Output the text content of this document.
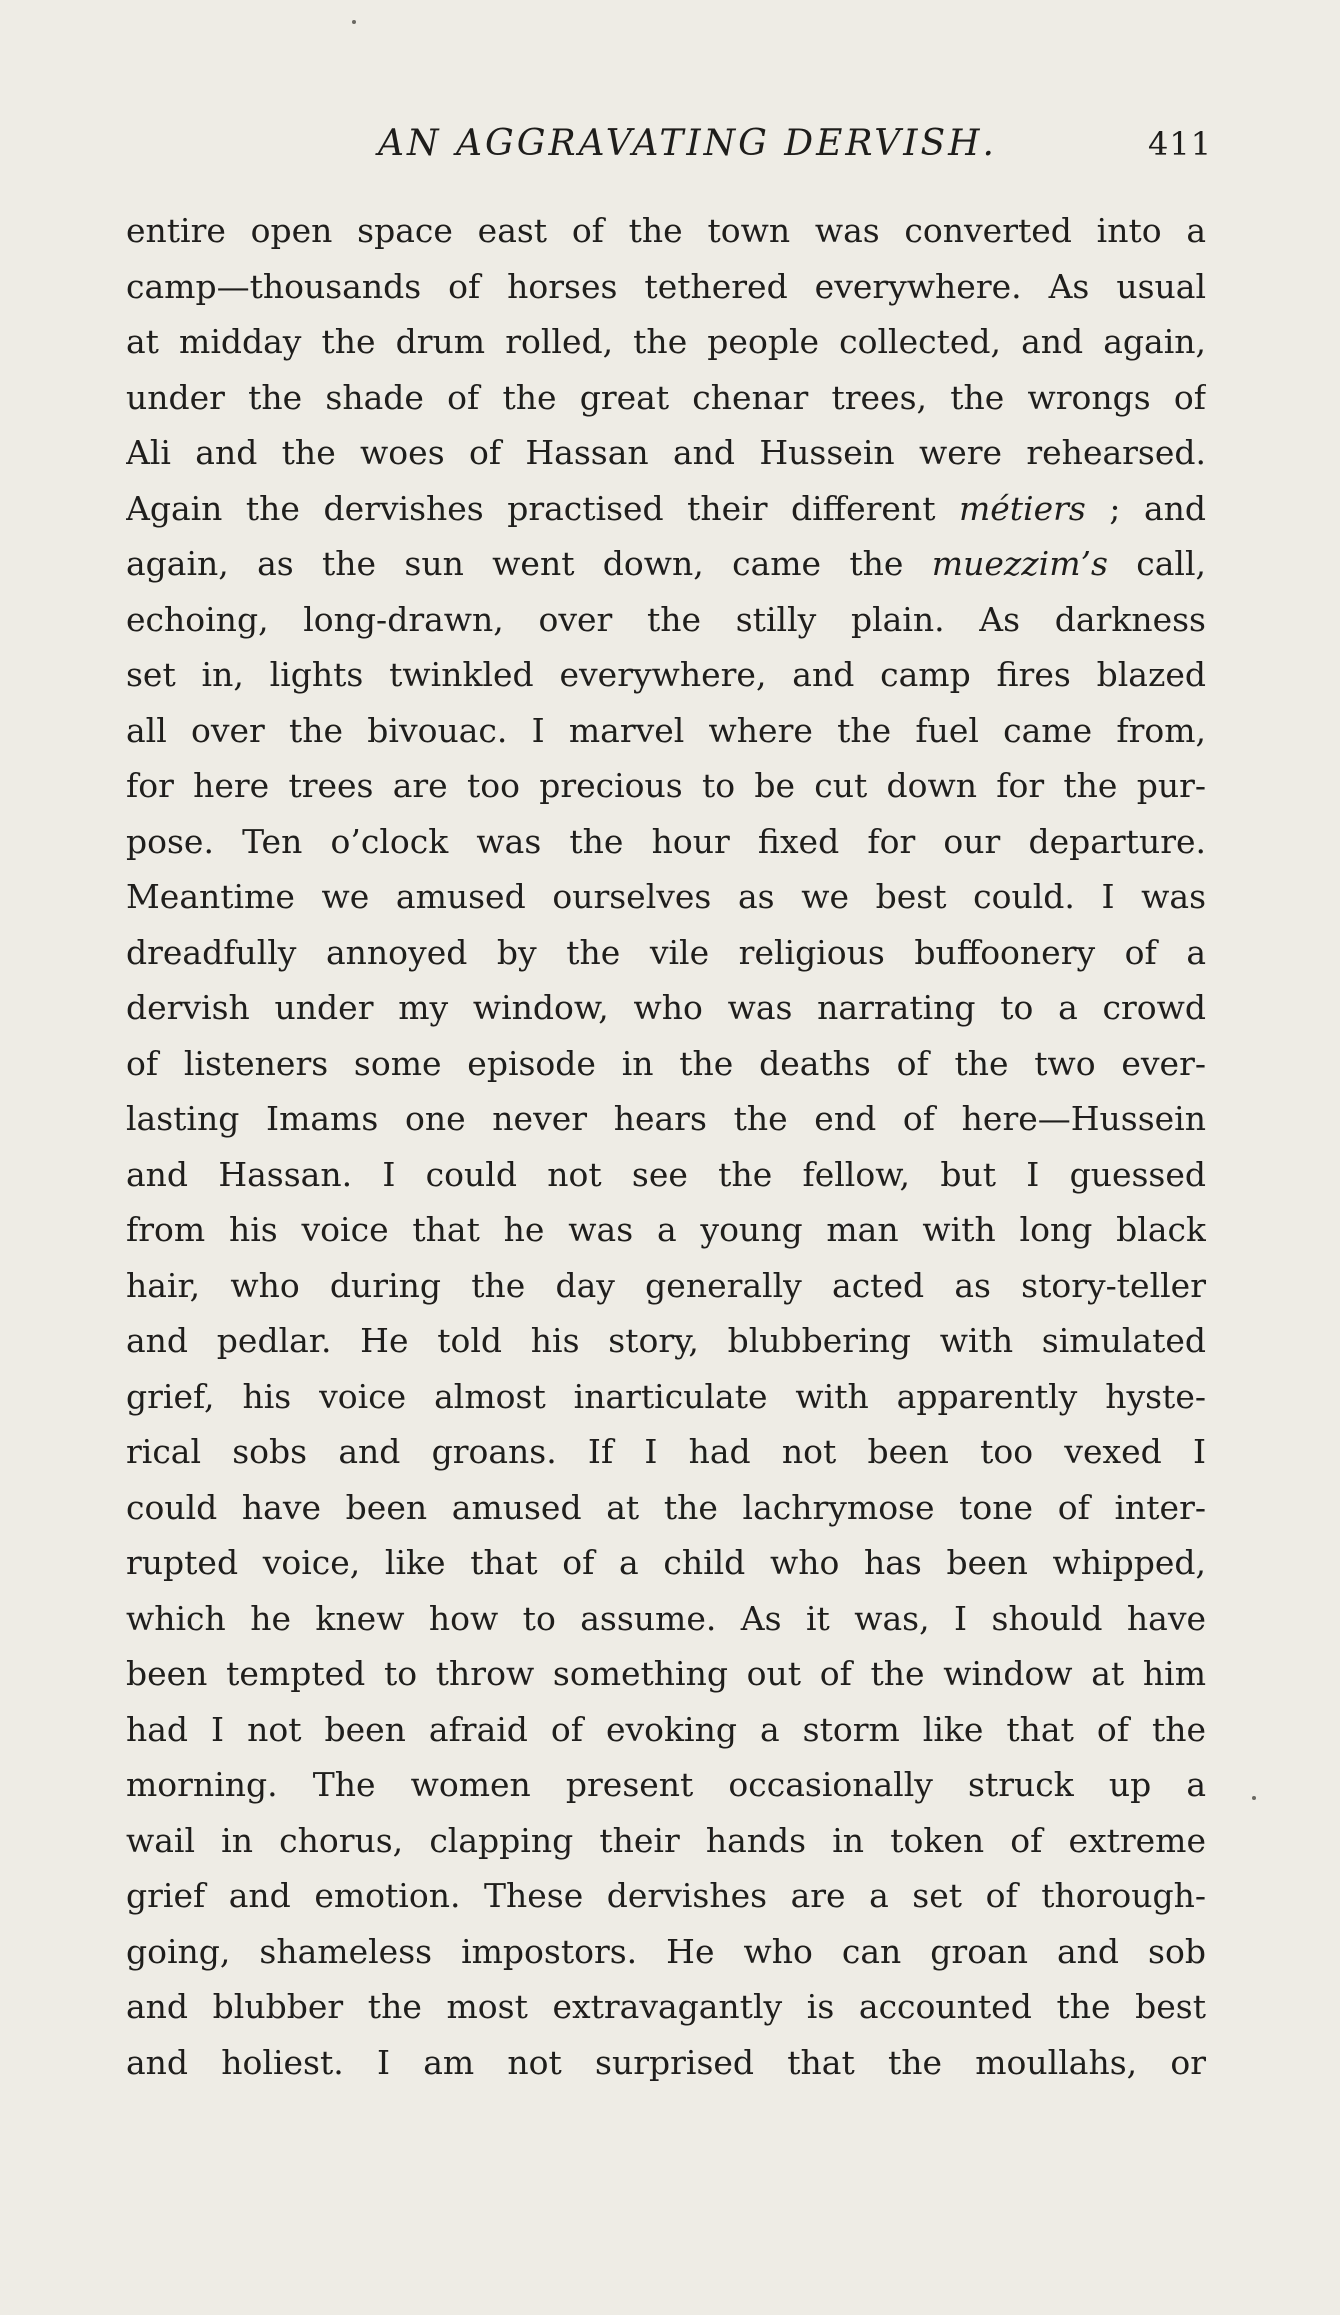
AN AGGRAVATING DERVISH.	411
entire open space east of the town was converted into a
camp—thousands of horses tethered everywhere. As usual
at midday the drum rolled, the people collected, and again,
under the shade of the great chenar trees, the wrongs of
Ali and the woes of Hassan and Hussein were rehearsed.
Again the dervishes practised their different métiers ; and
again, as the sun went down, came the muezzim’s call,
echoing, long-drawn, over the stilly plain. As darkness
set in, lights twinkled everywhere, and camp fires blazed
all over the bivouac. I marvel where the fuel came from,
for here trees are too precious to be cut down for the pur-
pose. Ten o’clock was the hour fixed for our departure.
Meantime we amused ourselves as we best could. I was
dreadfully annoyed by the vile religious buffoonery of a
dervish under my window, who was narrating to a crowd
of listeners some episode in the deaths of the two ever-
lasting Imams one never hears the end of here—Hussein
and Hassan. I could not see the fellow, but I guessed
from his voice that he was a young man with long black
hair, who during the day generally acted as story-teller
and pedlar. He told his story, blubbering with simulated
grief, his voice almost inarticulate with apparently hyste-
rical sobs and groans. If I had not been too vexed I
could have been amused at the lachrymose tone of inter-
rupted voice, like that of a child who has been whipped,
which he knew how to assume. As it was, I should have
been tempted to throw something out of the window at him
had I not been afraid of evoking a storm like that of the
morning. The women present occasionally struck up a
wail in chorus, clapping their hands in token of extreme
grief and emotion. These dervishes are a set of thorough-
going, shameless impostors. He who can groan and sob
and blubber the most extravagantly is accounted the best
and holiest. I am not surprised that the moullahs, or
